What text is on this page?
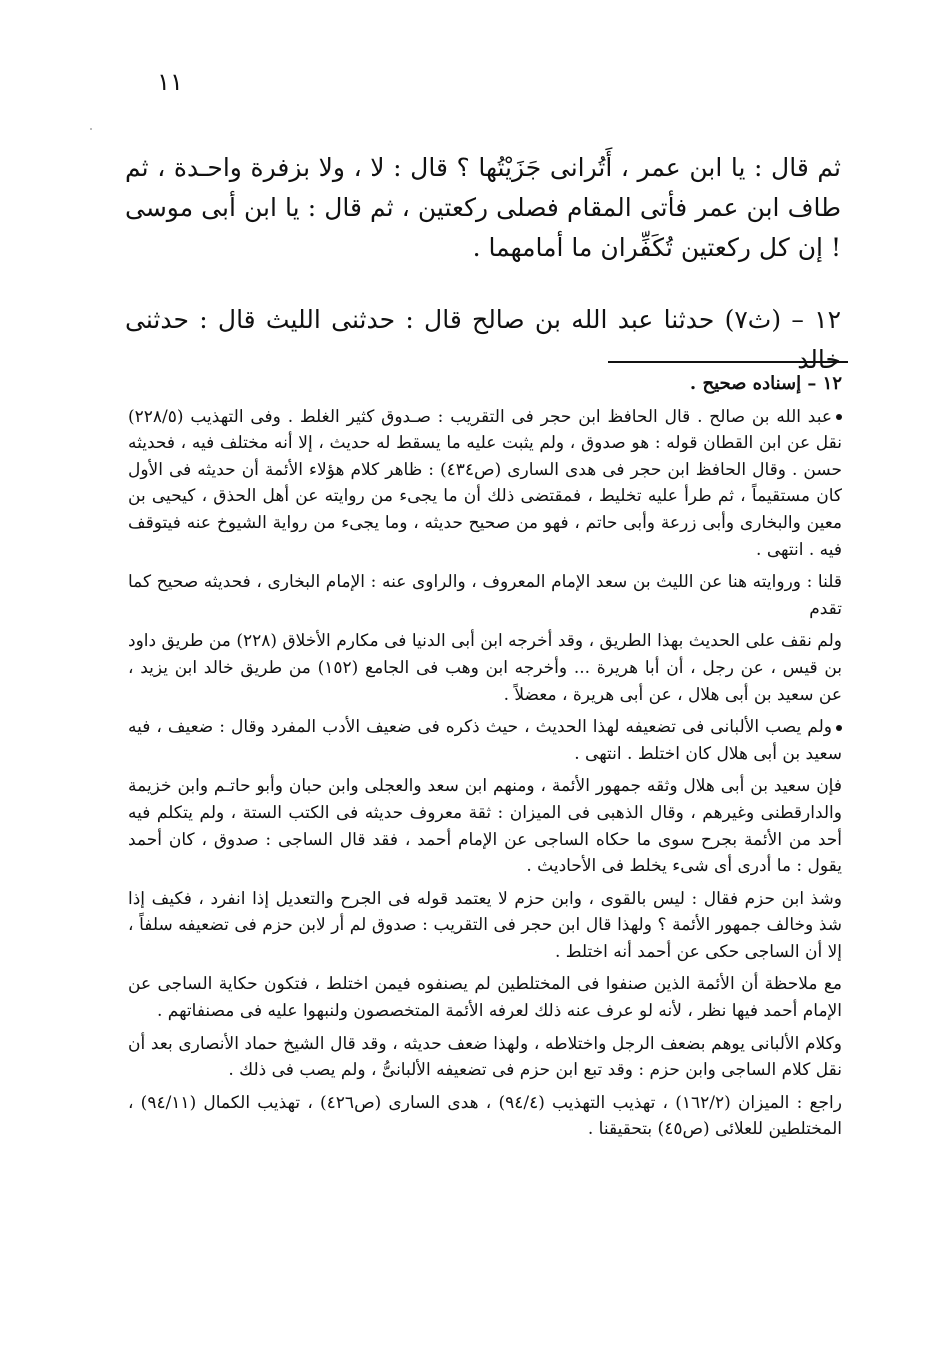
١١

ثم قال : يا ابن عمر ، أَتُرانى جَزَيْتُها ؟ قال : لا ، ولا بزفرة واحـدة ، ثم طاف ابن عمر فأتى المقام فصلى ركعتين ، ثم قال : يا ابن أبى موسى ! إن كل ركعتين تُكَفِّران ما أمامهما .

١٢ – (ث٧) حدثنا عبد الله بن صالح قال : حدثنى الليث قال : حدثنى خالد

١٢ – إسناده صحيح .

عبد الله بن صالح . قال الحافظ ابن حجر فى التقريب : صـدوق كثير الغلط . وفى التهذيب (٢٢٨/٥) نقل عن ابن القطان قوله : هو صدوق ، ولم يثبت عليه ما يسقط له حديث ، إلا أنه مختلف فيه ، فحديثه حسن . وقال الحافظ ابن حجر فى هدى السارى (ص٤٣٤) : ظاهر كلام هؤلاء الأئمة أن حديثه فى الأول كان مستقيماً ، ثم طرأ عليه تخليط ، فمقتضى ذلك أن ما يجىء من روايته عن أهل الحذق ، كيحيى بن معين والبخارى وأبى زرعة وأبى حاتم ، فهو من صحيح حديثه ، وما يجىء من رواية الشيوخ عنه فيتوقف فيه . انتهى .

قلنا : وروايته هنا عن الليث بن سعد الإمام المعروف ، والراوى عنه : الإمام البخارى ، فحديثه صحيح كما تقدم

ولم نقف على الحديث بهذا الطريق ، وقد أخرجه ابن أبى الدنيا فى مكارم الأخلاق (٢٢٨) من طريق داود بن قيس ، عن رجل ، أن أبا هريرة ... وأخرجه ابن وهب فى الجامع (١٥٢) من طريق خالد ابن يزيد ، عن سعيد بن أبى هلال ، عن أبى هريرة ، معضلاً .

ولم يصب الألبانى فى تضعيفه لهذا الحديث ، حيث ذكره فى ضعيف الأدب المفرد وقال : ضعيف ، فيه سعيد بن أبى هلال كان اختلط . انتهى .

فإن سعيد بن أبى هلال وثقه جمهور الأئمة ، ومنهم ابن سعد والعجلى وابن حبان وأبو حاتـم وابن خزيمة والدارقطنى وغيرهم ، وقال الذهبى فى الميزان : ثقة معروف حديثه فى الكتب الستة ، ولم يتكلم فيه أحد من الأئمة بجرح سوى ما حكاه الساجى عن الإمام أحمد ، فقد قال الساجى : صدوق ، كان أحمد يقول : ما أدرى أى شىء يخلط فى الأحاديث .

وشذ ابن حزم فقال : ليس بالقوى ، وابن حزم لا يعتمد قوله فى الجرح والتعديل إذا انفرد ، فكيف إذا شذ وخالف جمهور الأئمة ؟ ولهذا قال ابن حجر فى التقريب : صدوق لم أر لابن حزم فى تضعيفه سلفاً ، إلا أن الساجى حكى عن أحمد أنه اختلط .

مع ملاحظة أن الأئمة الذين صنفوا فى المختلطين لم يصنفوه فيمن اختلط ، فتكون حكاية الساجى عن الإمام أحمد فيها نظر ، لأنه لو عرف عنه ذلك لعرفه الأئمة المتخصصون ولنبهوا عليه فى مصنفاتهم .

وكلام الألبانى يوهم بضعف الرجل واختلاطه ، ولهذا ضعف حديثه ، وقد قال الشيخ حماد الأنصارى بعد أن نقل كلام الساجى وابن حزم : وقد تبع ابن حزم فى تضعيفه الألبانىُّ ، ولم يصب فى ذلك .

راجع : الميزان (١٦٢/٢) ، تهذيب التهذيب (٩٤/٤) ، هدى السارى (ص٤٢٦) ، تهذيب الكمال (٩٤/١١) ، المختلطين للعلائى (ص٤٥) بتحقيقنا .
